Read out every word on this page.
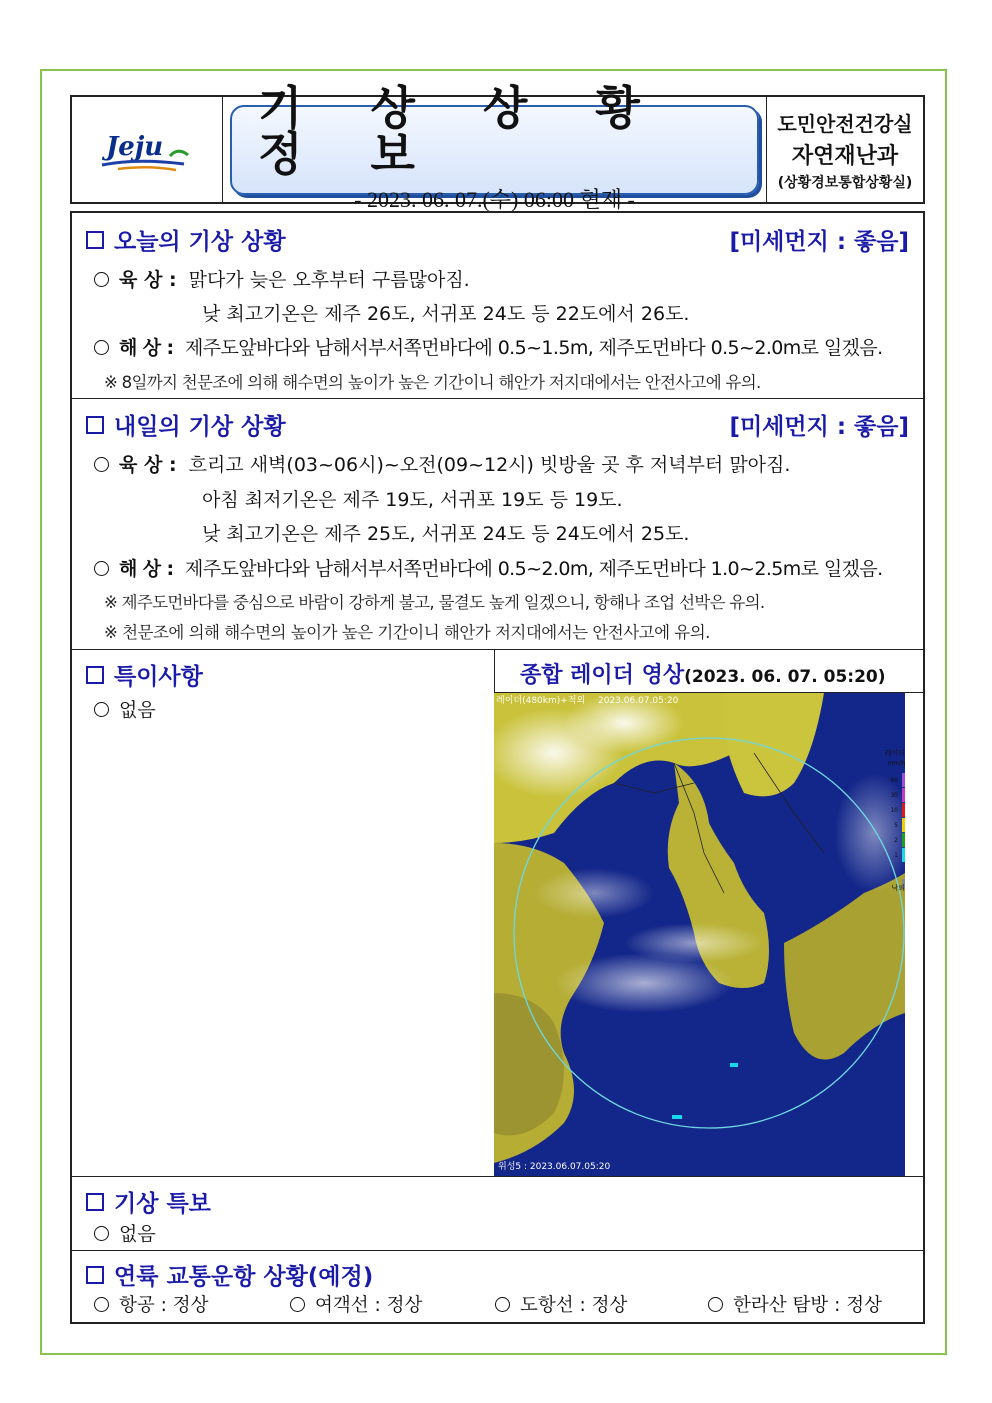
Jeju
기 상 상 황 정 보
- 2023. 06. 07.(수) 06:00 현재 -
도민안전건강실
자연재난과
(상황경보통합상황실)
오늘의 기상 상황	[미세먼지 : 좋음]
육 상 : 맑다가 늦은 오후부터 구름많아짐.
낮 최고기온은 제주 26도, 서귀포 24도 등 22도에서 26도.
해 상 : 제주도앞바다와 남해서부서쪽먼바다에 0.5~1.5m, 제주도먼바다 0.5~2.0m로 일겠음.
※ 8일까지 천문조에 의해 해수면의 높이가 높은 기간이니 해안가 저지대에서는 안전사고에 유의.
내일의 기상 상황	[미세먼지 : 좋음]
육 상 : 흐리고 새벽(03~06시)~오전(09~12시) 빗방울 곳 후 저녁부터 맑아짐.
아침 최저기온은 제주 19도, 서귀포 19도 등 19도.
낮 최고기온은 제주 25도, 서귀포 24도 등 24도에서 25도.
해 상 : 제주도앞바다와 남해서부서쪽먼바다에 0.5~2.0m, 제주도먼바다 1.0~2.5m로 일겠음.
※ 제주도먼바다를 중심으로 바람이 강하게 불고, 물결도 높게 일겠으니, 항해나 조업 선박은 유의.
※ 천문조에 의해 해수면의 높이가 높은 기간이니 해안가 저지대에서는 안전사고에 유의.
특이사항
없음
종합 레이더 영상(2023. 06. 07. 05:20)
레이더
mm/h
60
30
10
5
2
1
낙뢰
레이더(480km)+적외 2023.06.07.05:20
위성5 : 2023.06.07.05:20
기상 특보
없음
연륙 교통운항 상황(예정)
항공 : 정상	여객선 : 정상	도항선 : 정상	한라산 탐방 : 정상
